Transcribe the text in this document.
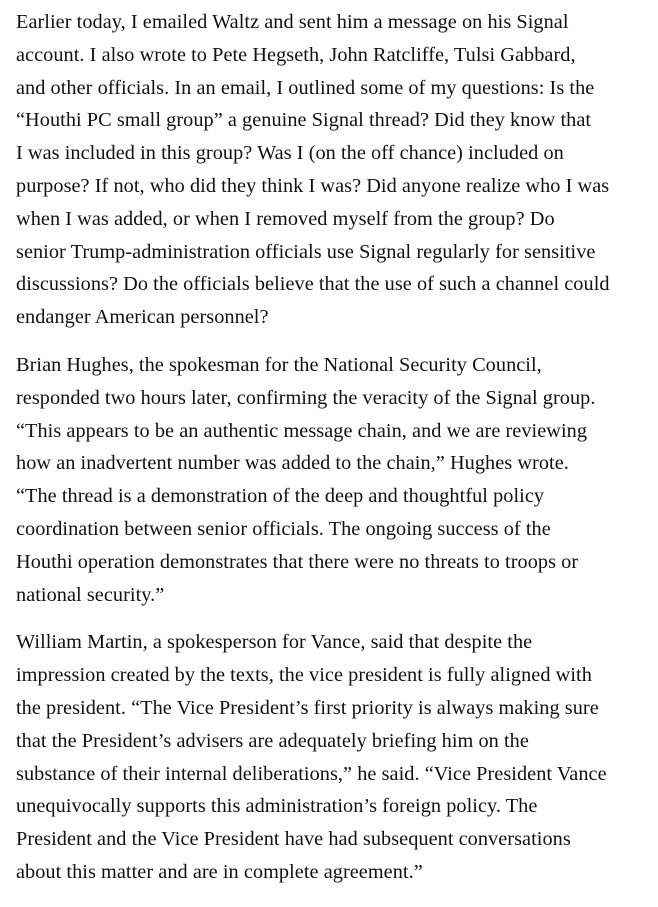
Earlier today, I emailed Waltz and sent him a message on his Signal
account. I also wrote to Pete Hegseth, John Ratcliffe, Tulsi Gabbard,
and other officials. In an email, I outlined some of my questions: Is the
“Houthi PC small group” a genuine Signal thread? Did they know that
I was included in this group? Was I (on the off chance) included on
purpose? If not, who did they think I was? Did anyone realize who I was
when I was added, or when I removed myself from the group? Do
senior Trump-administration officials use Signal regularly for sensitive
discussions? Do the officials believe that the use of such a channel could
endanger American personnel?

Brian Hughes, the spokesman for the National Security Council,
responded two hours later, confirming the veracity of the Signal group.
“This appears to be an authentic message chain, and we are reviewing
how an inadvertent number was added to the chain,” Hughes wrote.
“The thread is a demonstration of the deep and thoughtful policy
coordination between senior officials. The ongoing success of the
Houthi operation demonstrates that there were no threats to troops or
national security.”

William Martin, a spokesperson for Vance, said that despite the
impression created by the texts, the vice president is fully aligned with
the president. “The Vice President’s first priority is always making sure
that the President’s advisers are adequately briefing him on the
substance of their internal deliberations,” he said. “Vice President Vance
unequivocally supports this administration’s foreign policy. The
President and the Vice President have had subsequent conversations
about this matter and are in complete agreement.”
